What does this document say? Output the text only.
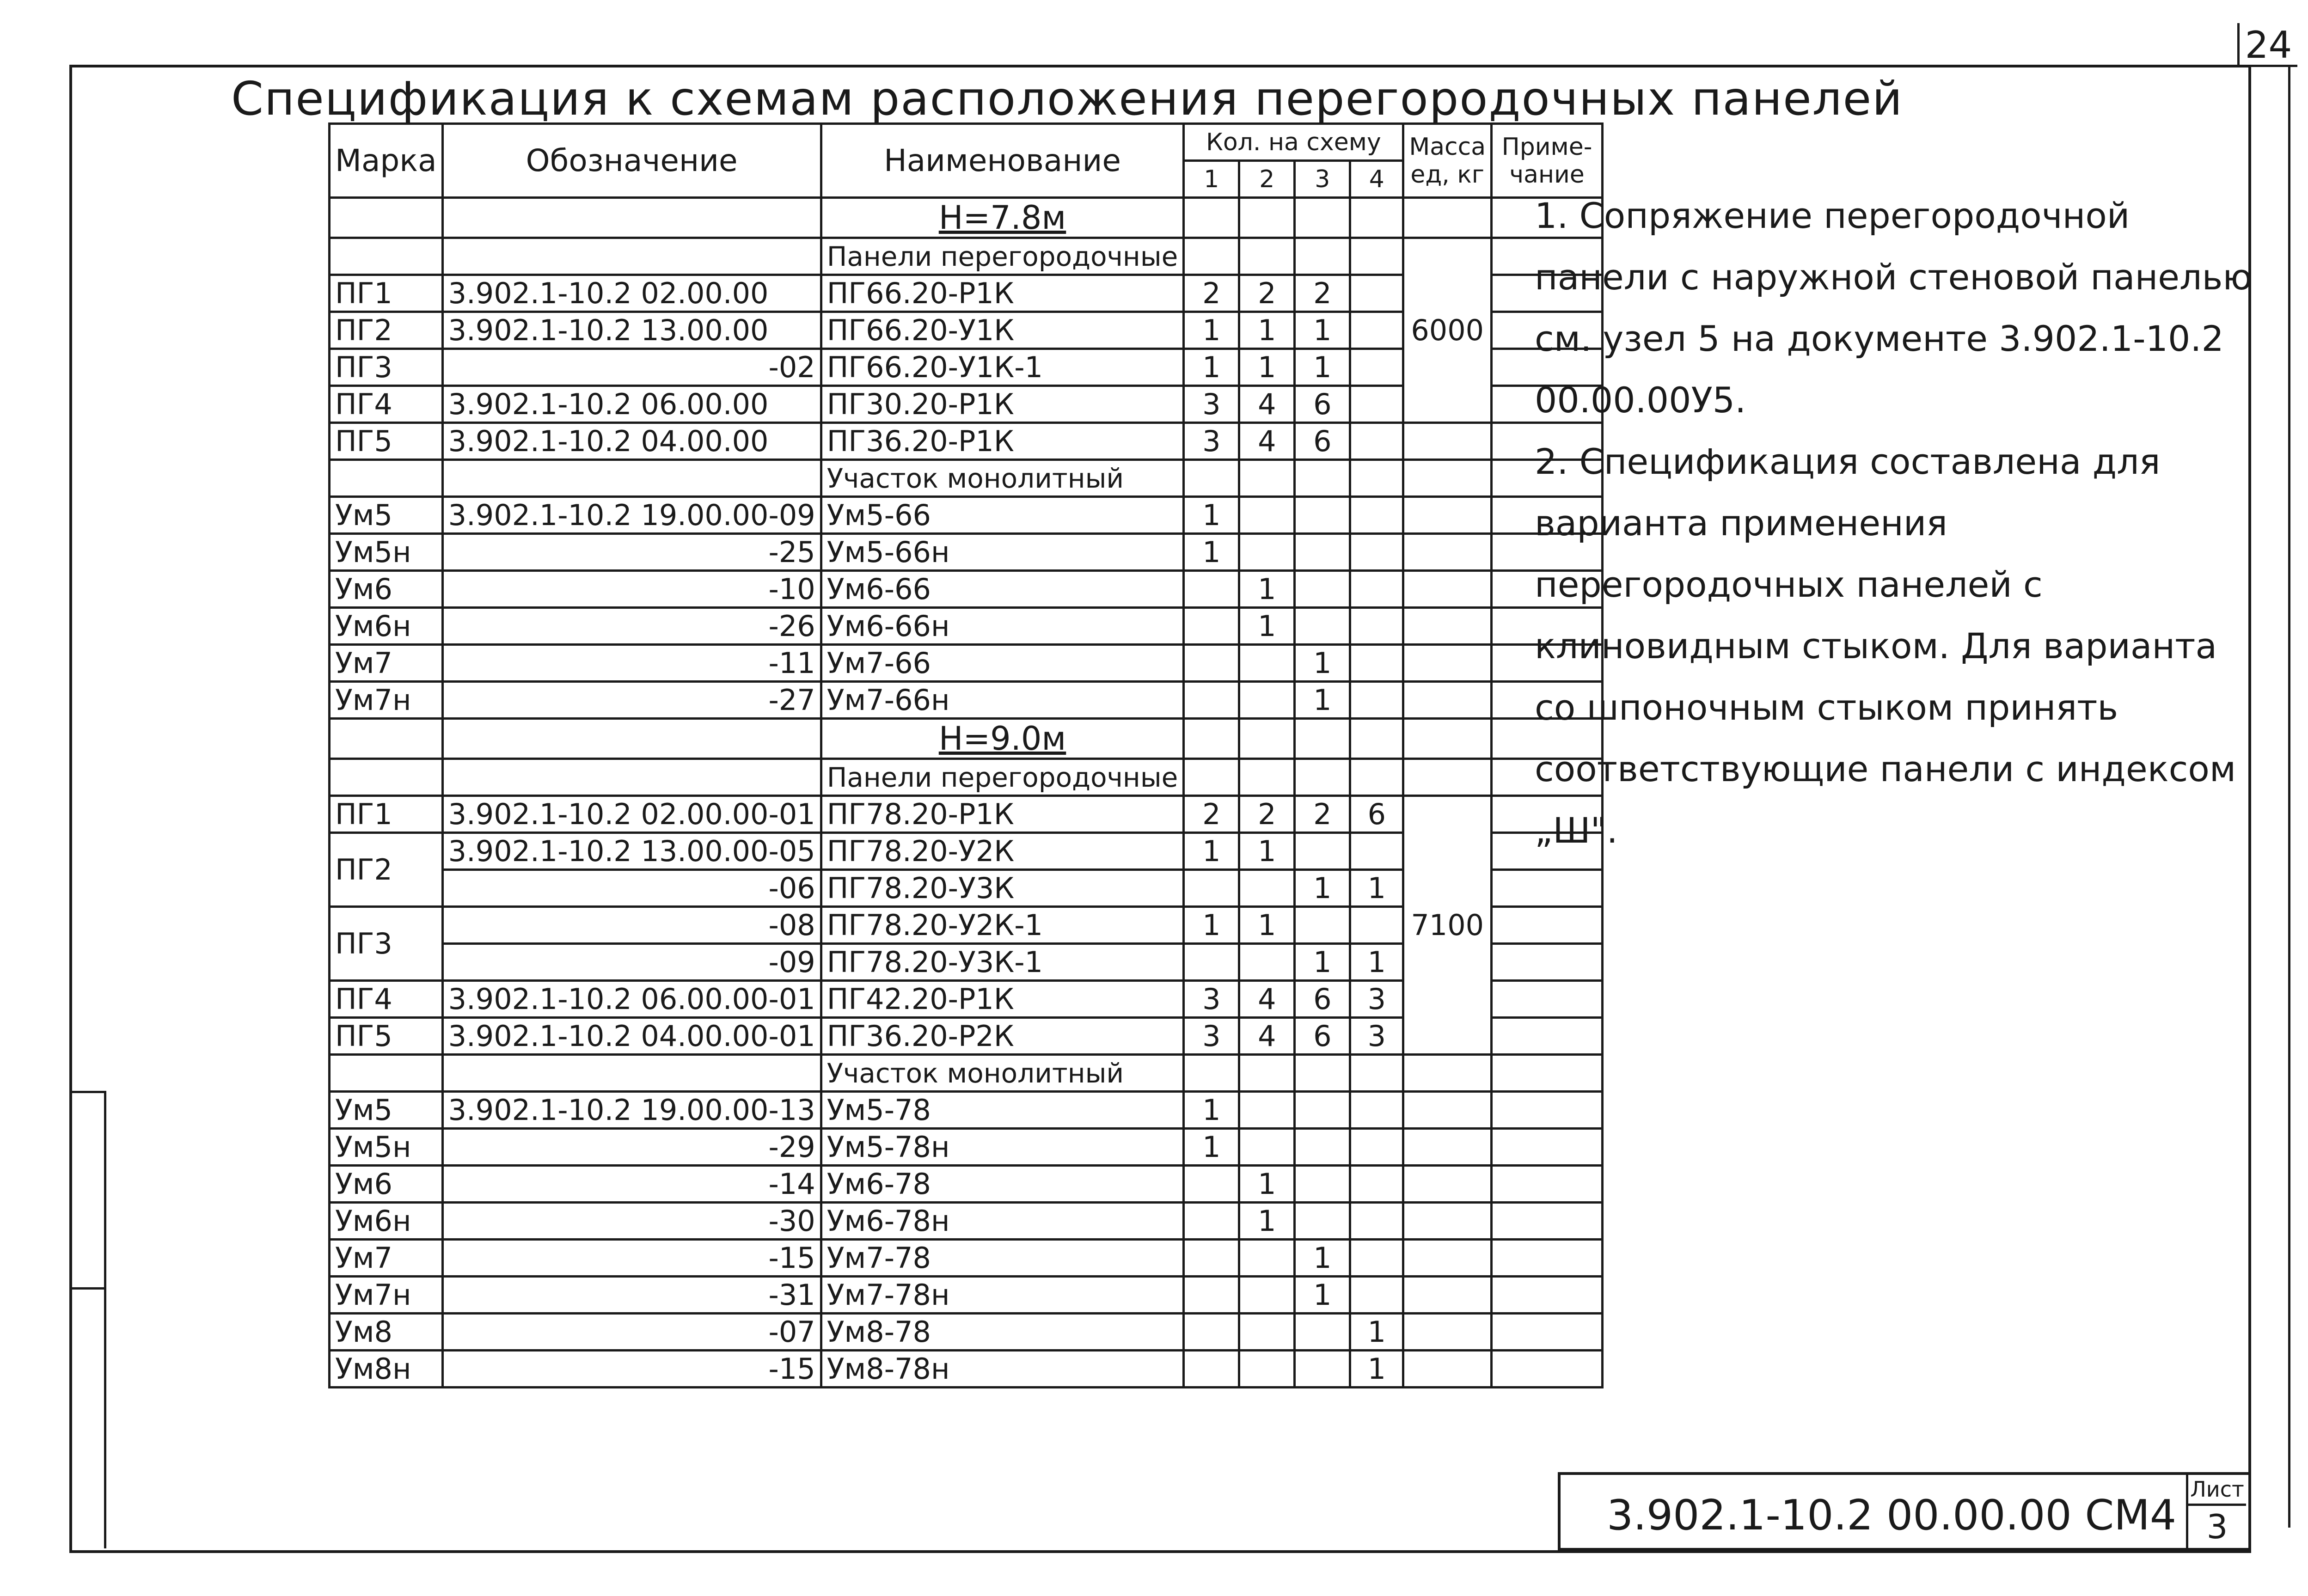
24
Спецификация к схемам расположения перегородочных панелей
Марка	Обозначение	Наименование	Кол. на схему				Масса ед, кг	Приме- чание
			1	2	3	4		
		Н=7.8м						
		Панели перегородочные					6000	
ПГ1	3.902.1-10.2 02.00.00	ПГ66.20-Р1К	2	2	2			
ПГ2	3.902.1-10.2 13.00.00	ПГ66.20-У1К	1	1	1			
ПГ3	-02	ПГ66.20-У1К-1	1	1	1			
ПГ4	3.902.1-10.2 06.00.00	ПГ30.20-Р1К	3	4	6			
ПГ5	3.902.1-10.2 04.00.00	ПГ36.20-Р1К	3	4	6			
		Участок монолитный						
Ум5	3.902.1-10.2 19.00.00-09	Ум5-66	1					
Ум5н	-25	Ум5-66н	1					
Ум6	-10	Ум6-66		1				
Ум6н	-26	Ум6-66н		1				
Ум7	-11	Ум7-66			1			
Ум7н	-27	Ум7-66н			1			
		Н=9.0м						
		Панели перегородочные						
ПГ1	3.902.1-10.2 02.00.00-01	ПГ78.20-Р1К	2	2	2	6	7100	
ПГ2	3.902.1-10.2 13.00.00-05	ПГ78.20-У2К	1	1				
	-06	ПГ78.20-У3К			1	1		
ПГ3	-08	ПГ78.20-У2К-1	1	1				
	-09	ПГ78.20-У3К-1			1	1		
ПГ4	3.902.1-10.2 06.00.00-01	ПГ42.20-Р1К	3	4	6	3		
ПГ5	3.902.1-10.2 04.00.00-01	ПГ36.20-Р2К	3	4	6	3		
		Участок монолитный						
Ум5	3.902.1-10.2 19.00.00-13	Ум5-78	1					
Ум5н	-29	Ум5-78н	1					
Ум6	-14	Ум6-78		1				
Ум6н	-30	Ум6-78н		1				
Ум7	-15	Ум7-78			1			
Ум7н	-31	Ум7-78н			1			
Ум8	-07	Ум8-78				1		
Ум8н	-15	Ум8-78н				1		

1. Сопряжение перегородочной панели с наружной стеновой панелью см. узел 5 на документе 3.902.1-10.2 00.00.00У5.

2. Спецификация составлена для варианта применения перегородочных панелей с клиновидным стыком. Для варианта со шпоночным стыком принять соответствующие панели с индексом „Ш".

3.902.1-10.2 00.00.00 СМ4
Лист
3
